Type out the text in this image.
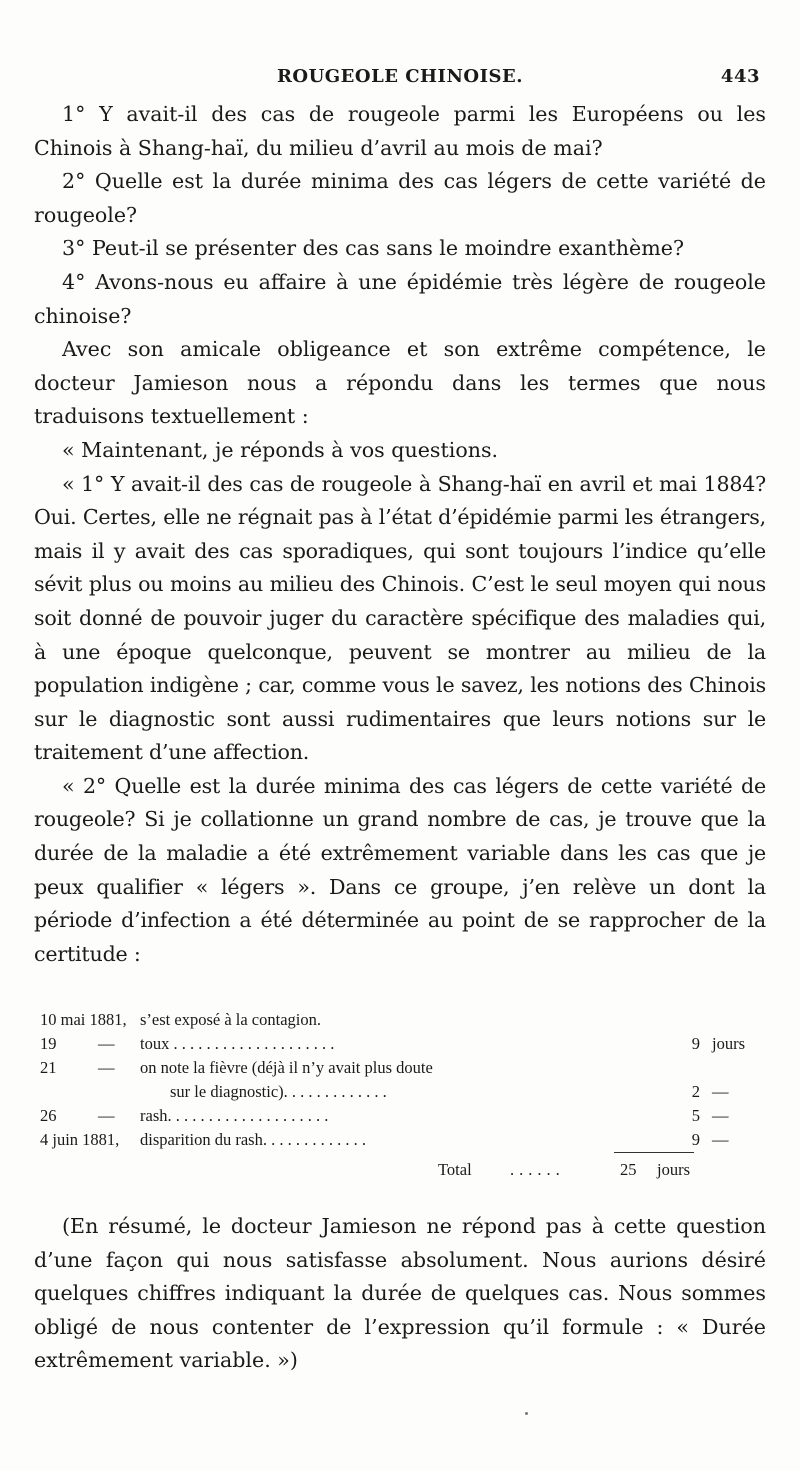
ROUGEOLE CHINOISE.	443

1° Y avait-il des cas de rougeole parmi les Européens ou les Chinois à Shang-haï, du milieu d’avril au mois de mai?

2° Quelle est la durée minima des cas légers de cette variété de rougeole?

3° Peut-il se présenter des cas sans le moindre exanthème?

4° Avons-nous eu affaire à une épidémie très légère de rougeole chinoise?

Avec son amicale obligeance et son extrême compétence, le docteur Jamieson nous a répondu dans les termes que nous traduisons textuellement :

« Maintenant, je réponds à vos questions.

« 1° Y avait-il des cas de rougeole à Shang-haï en avril et mai 1884? Oui. Certes, elle ne régnait pas à l’état d’épidémie parmi les étrangers, mais il y avait des cas sporadiques, qui sont toujours l’indice qu’elle sévit plus ou moins au milieu des Chinois. C’est le seul moyen qui nous soit donné de pouvoir juger du caractère spécifique des maladies qui, à une époque quelconque, peuvent se montrer au milieu de la population indigène ; car, comme vous le savez, les notions des Chinois sur le diagnostic sont aussi rudimentaires que leurs notions sur le traitement d’une affection.

« 2° Quelle est la durée minima des cas légers de cette variété de rougeole? Si je collationne un grand nombre de cas, je trouve que la durée de la maladie a été extrêmement variable dans les cas que je peux qualifier « légers ». Dans ce groupe, j’en relève un dont la période d’infection a été déterminée au point de se rapprocher de la certitude :

10 mai 1881, s’est exposé à la contagion.
19	— toux . . . . . . . . . . . . . . . . . . . .	9 jours
21	— on note la fièvre (déjà il n’y avait plus doute
sur le diagnostic). . . . . . . . . . . . .	2 —
26	— rash. . . . . . . . . . . . . . . . . . . .	5 —
4 juin 1881, disparition du rash. . . . . . . . . . . . .	9 —
Total ......	25 jours

(En résumé, le docteur Jamieson ne répond pas à cette question d’une façon qui nous satisfasse absolument. Nous aurions désiré quelques chiffres indiquant la durée de quelques cas. Nous sommes obligé de nous contenter de l’expression qu’il formule : « Durée extrêmement variable. »)
